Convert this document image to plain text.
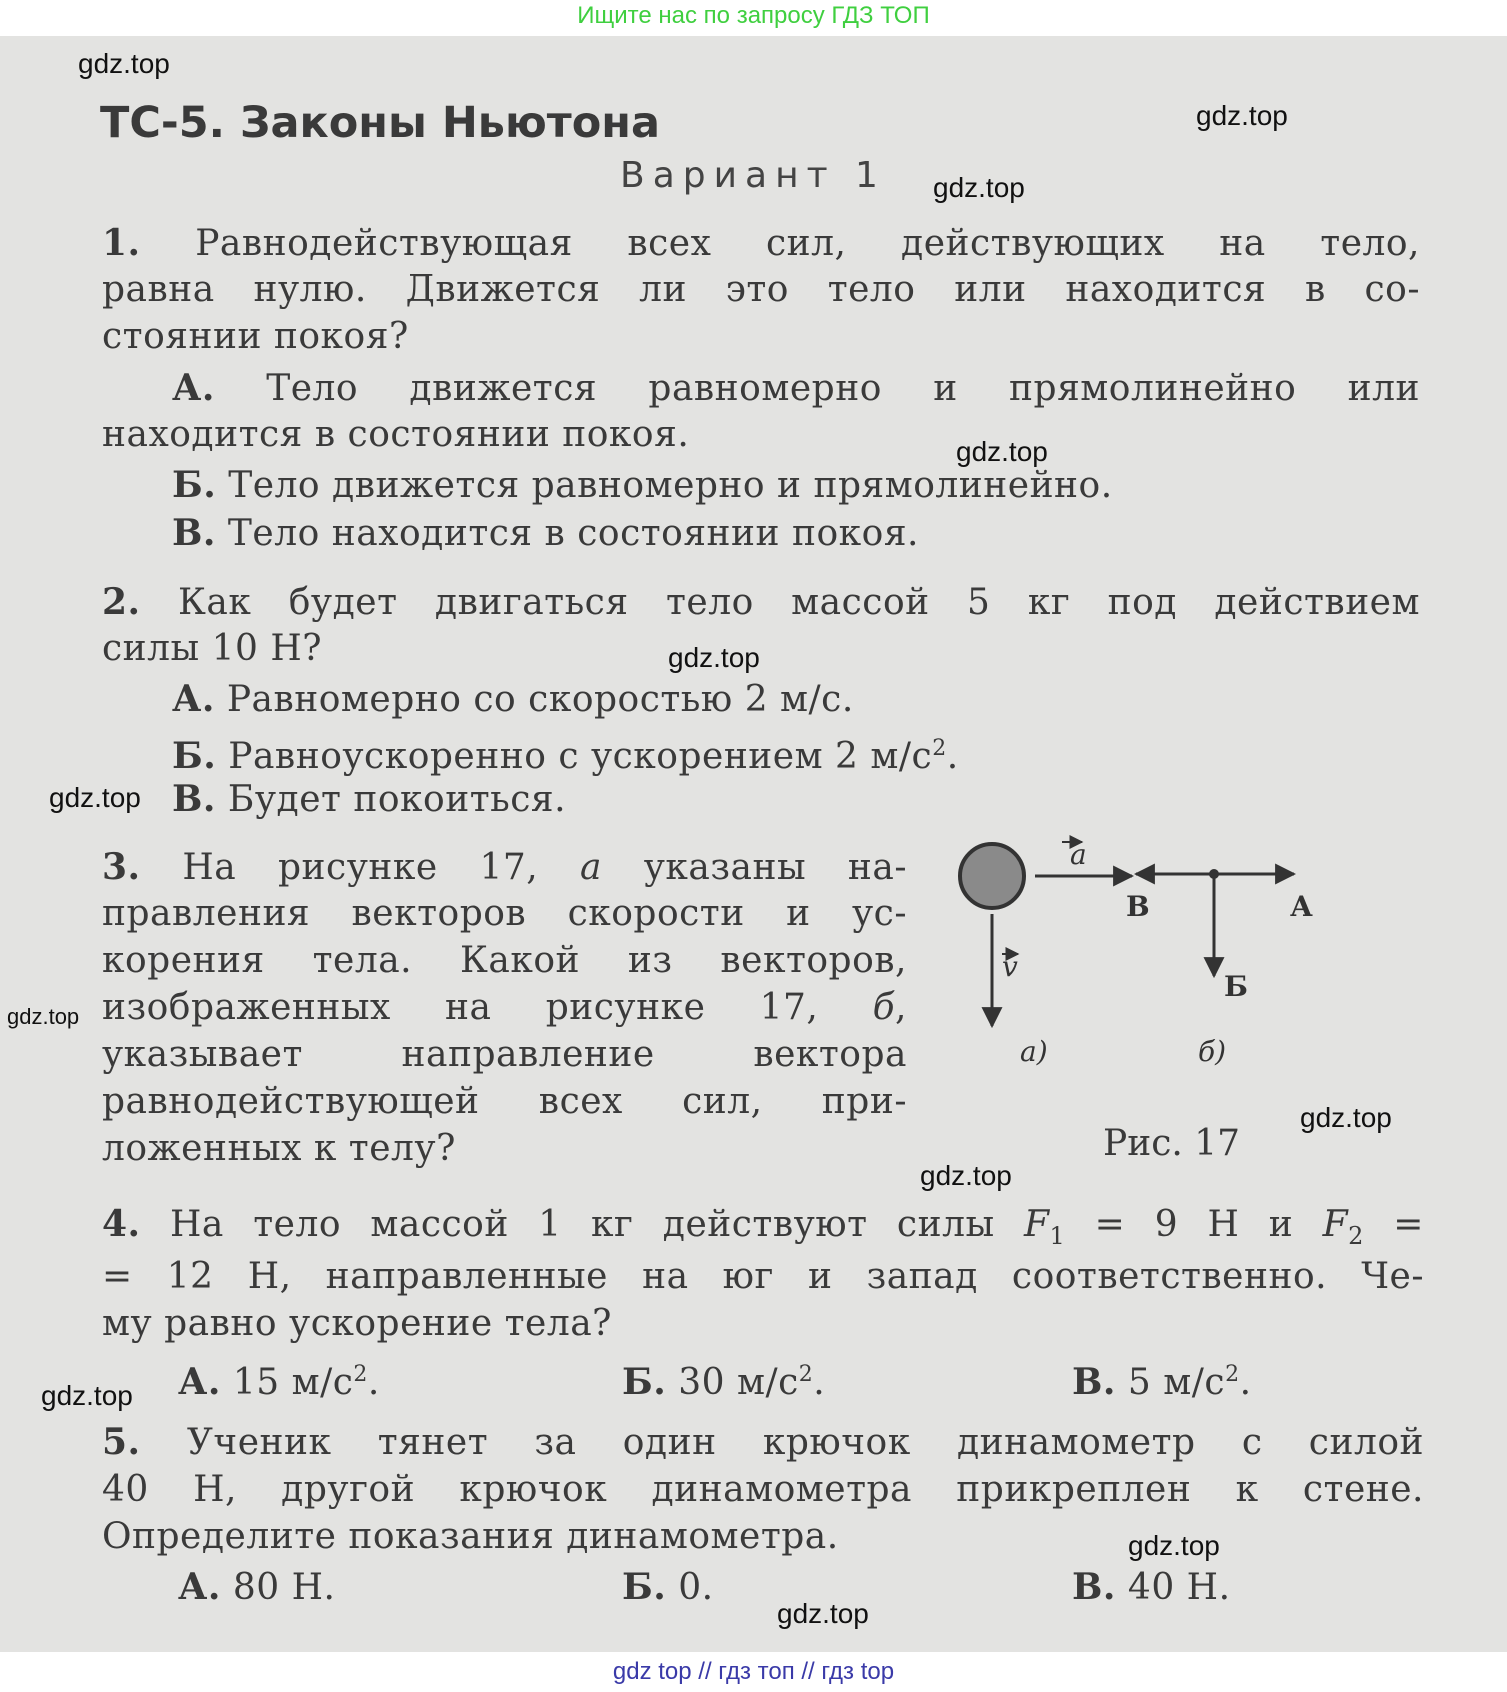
Ищите нас по запросу ГДЗ ТОП
gdz.top
gdz.top
gdz.top
gdz.top
gdz.top
gdz.top
gdz.top
gdz.top
gdz.top
gdz.top
gdz.top
gdz.top
ТС-5. Законы Ньютона
Вариант 1
1. Равнодействующая всех сил, действующих на тело,
равна нулю. Движется ли это тело или находится в со-
стоянии покоя?
А. Тело движется равномерно и прямолинейно или
находится в состоянии покоя.
Б. Тело движется равномерно и прямолинейно.
В. Тело находится в состоянии покоя.
2. Как будет двигаться тело массой 5 кг под действием
силы 10 Н?
А. Равномерно со скоростью 2 м/с.
Б. Равноускоренно с ускорением 2 $м/с^2$.
В. Будет покоиться.
3. На рисунке 17, а указаны на-
правления векторов скорости и ус-
корения тела. Какой из векторов,
изображенных на рисунке 17, б,
указывает направление вектора
равнодействующей всех сил, при-
ложенных к телу?
a
v
а)
В	А
Б
б)
Рис. 17
4. На тело массой 1 кг действуют силы $F_1 = 9$ Н и $F_2$ =
= 12 Н, направленные на юг и запад соответственно. Че-
му равно ускорение тела?
А. 15 $м/с^2$.	Б. 30 $м/с^2$.	В. 5 $м/с^2$.
5. Ученик тянет за один крючок динамометр с силой
40 Н, другой крючок динамометра прикреплен к стене.
Определите показания динамометра.
А. 80 Н.	Б. 0.	В. 40 Н.
gdz top // гдз топ // гдз top
